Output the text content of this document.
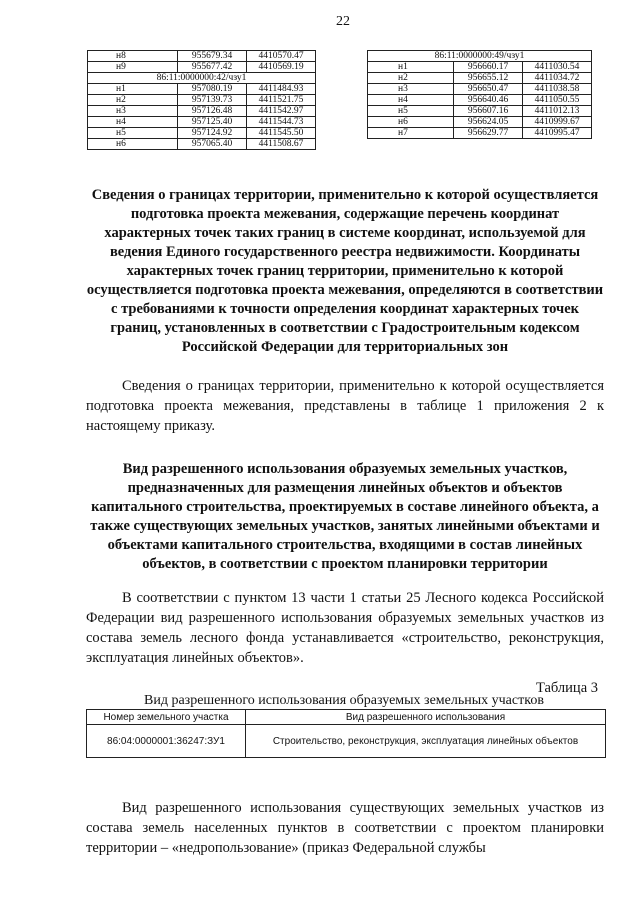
22
н8	955679.34	4410570.47
н9	955677.42	4410569.19
86:11:0000000:42/чзу1		
н1	957080.19	4411484.93
н2	957139.73	4411521.75
н3	957126.48	4411542.97
н4	957125.40	4411544.73
н5	957124.92	4411545.50
н6	957065.40	4411508.67
86:11:0000000:49/чзу1		
н1	956660.17	4411030.54
н2	956655.12	4411034.72
н3	956650.47	4411038.58
н4	956640.46	4411050.55
н5	956607.16	4411012.13
н6	956624.05	4410999.67
н7	956629.77	4410995.47

Сведения о границах территории, применительно к которой осуществляется подготовка проекта межевания, содержащие перечень координат характерных точек таких границ в системе координат, используемой для ведения Единого государственного реестра недвижимости. Координаты характерных точек границ территории, применительно к которой осуществляется подготовка проекта межевания, определяются в соответствии с требованиями к точности определения координат характерных точек границ, установленных в соответствии с Градостроительным кодексом Российской Федерации для территориальных зон

Сведения о границах территории, применительно к которой осуществляется подготовка проекта межевания, представлены в таблице 1 приложения 2 к настоящему приказу.

Вид разрешенного использования образуемых земельных участков, предназначенных для размещения линейных объектов и объектов капитального строительства, проектируемых в составе линейного объекта, а также существующих земельных участков, занятых линейными объектами и объектами капитального строительства, входящими в состав линейных объектов, в соответствии с проектом планировки территории

В соответствии с пунктом 13 части 1 статьи 25 Лесного кодекса Российской Федерации вид разрешенного использования образуемых земельных участков из состава земель лесного фонда устанавливается «строительство, реконструкция, эксплуатация линейных объектов».

Таблица 3
Вид разрешенного использования образуемых земельных участков
Номер земельного участка	Вид разрешенного использования
86:04:0000001:36247:ЗУ1	Строительство, реконструкция, эксплуатация линейных объектов

Вид разрешенного использования существующих земельных участков из состава земель населенных пунктов в соответствии с проектом планировки территории – «недропользование» (приказ Федеральной службы
